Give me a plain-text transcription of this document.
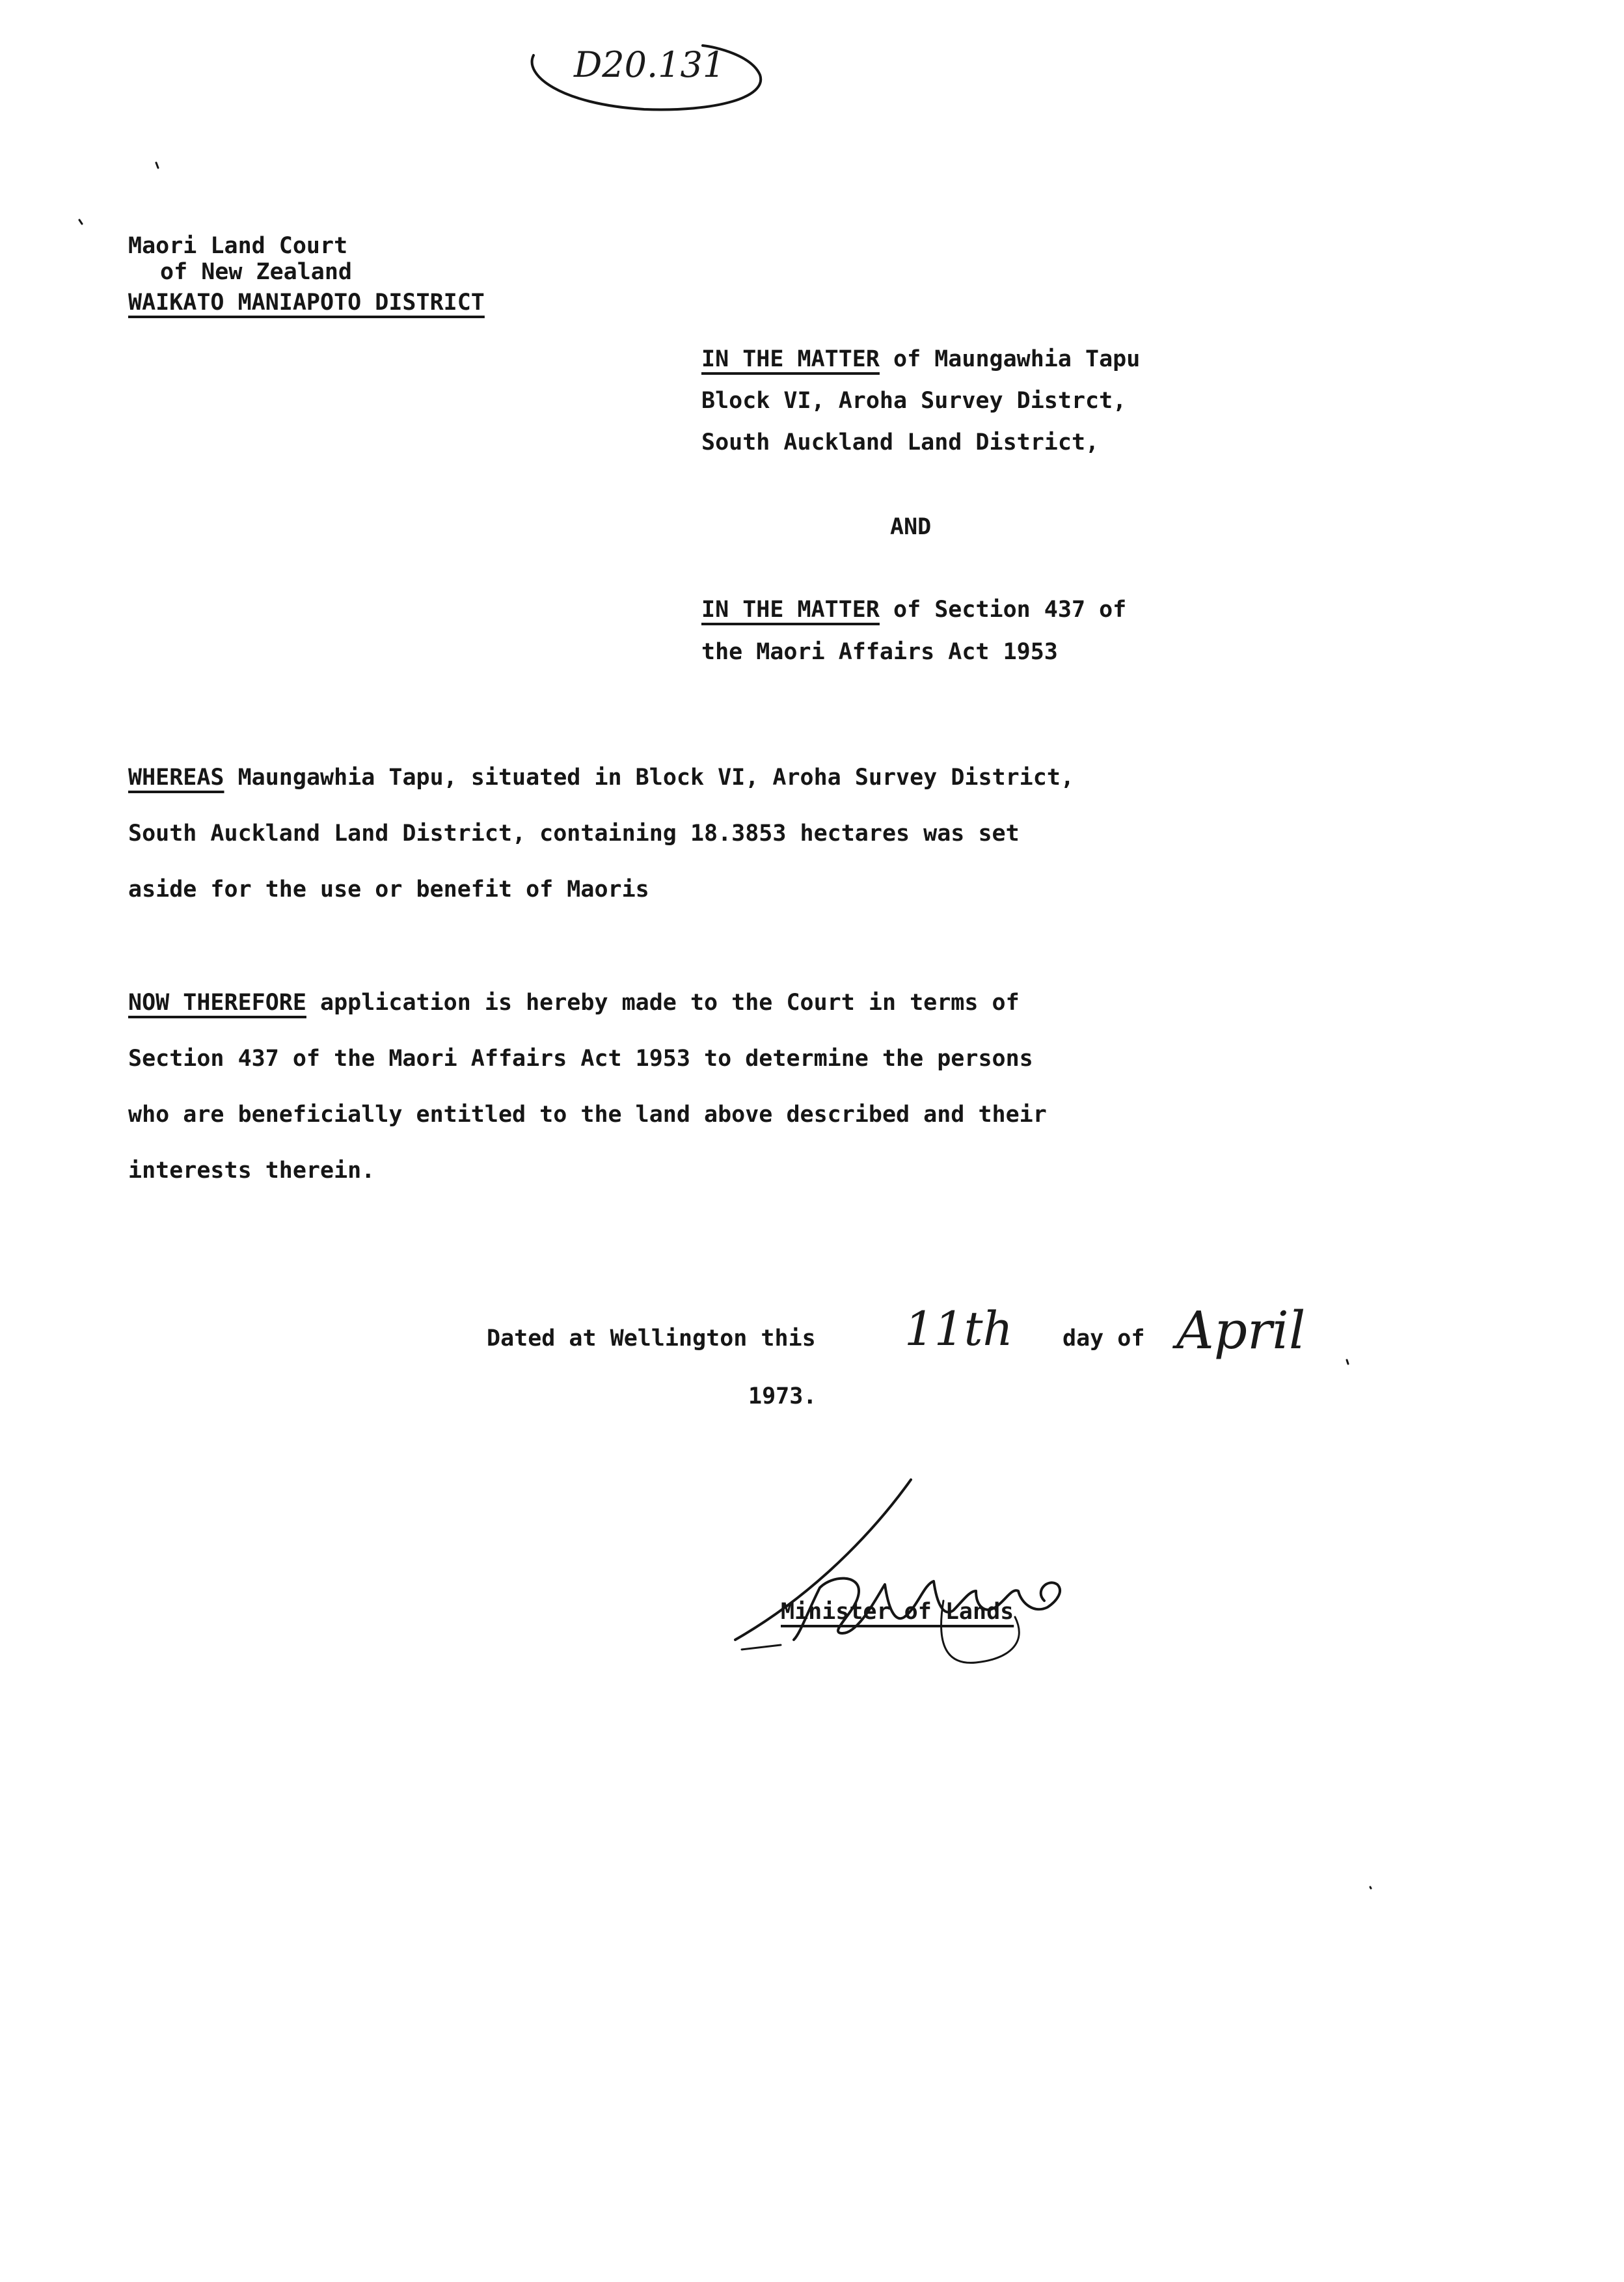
D20.131
Maori Land Court
of New Zealand
WAIKATO MANIAPOTO DISTRICT
IN THE MATTER of Maungawhia Tapu
Block VI, Aroha Survey Distrct,
South Auckland Land District,
AND
IN THE MATTER of Section 437 of
the Maori Affairs Act 1953
WHEREAS Maungawhia Tapu, situated in Block VI, Aroha Survey District,
South Auckland Land District, containing 18.3853 hectares was set
aside for the use or benefit of Maoris
NOW THEREFORE application is hereby made to the Court in terms of
Section 437 of the Maori Affairs Act 1953 to determine the persons
who are beneficially entitled to the land above described and their
interests therein.
Dated at Wellington this 11th day of April
1973.
Minister of Lands
